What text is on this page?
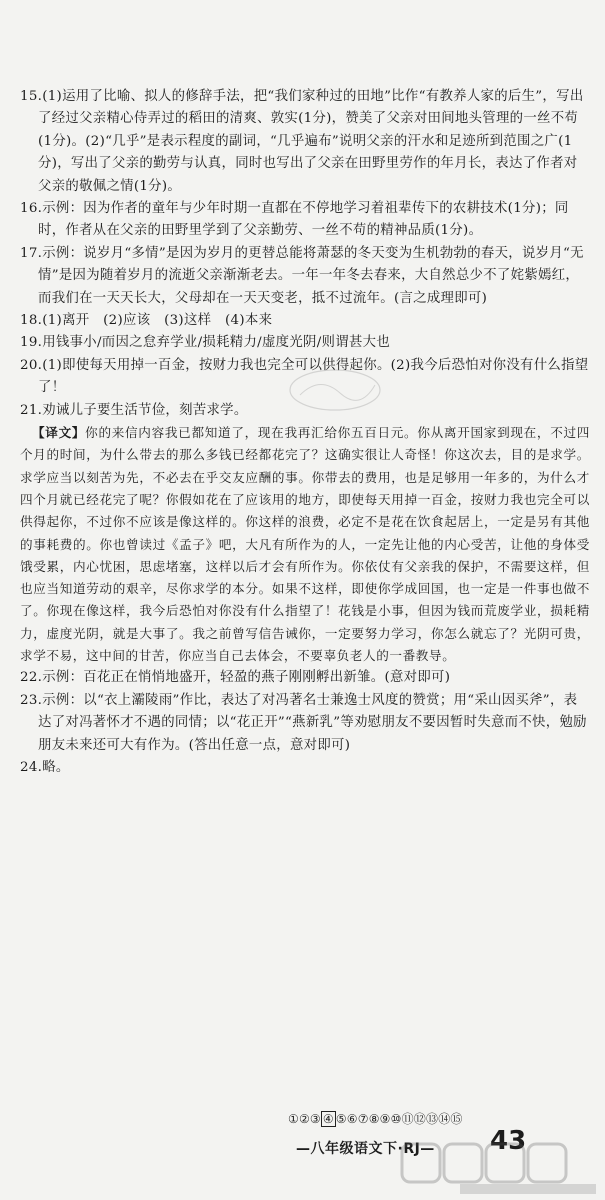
15.(1)运用了比喻、拟人的修辞手法，把“我们家种过的田地”比作“有教养人家的后生”，写出了经过父亲精心侍弄过的稻田的清爽、敦实(1分)，赞美了父亲对田间地头管理的一丝不苟(1分)。(2)“几乎”是表示程度的副词，“几乎遍布”说明父亲的汗水和足迹所到范围之广(1分)，写出了父亲的勤劳与认真，同时也写出了父亲在田野里劳作的年月长，表达了作者对父亲的敬佩之情(1分)。

16.示例：因为作者的童年与少年时期一直都在不停地学习着祖辈传下的农耕技术(1分)；同时，作者从在父亲的田野里学到了父亲勤劳、一丝不苟的精神品质(1分)。

17.示例：说岁月“多情”是因为岁月的更替总能将萧瑟的冬天变为生机勃勃的春天，说岁月“无情”是因为随着岁月的流逝父亲渐渐老去。一年一年冬去春来，大自然总少不了姹紫嫣红，而我们在一天天长大，父母却在一天天变老，抵不过流年。(言之成理即可)

18.(1)离开　(2)应该　(3)这样　(4)本来

19.用钱事小/而因之怠弃学业/损耗精力/虚度光阴/则谓甚大也

20.(1)即使每天用掉一百金，按财力我也完全可以供得起你。(2)我今后恐怕对你没有什么指望了！

21.劝诫儿子要生活节俭，刻苦求学。

【译文】你的来信内容我已都知道了，现在我再汇给你五百日元。你从离开国家到现在，不过四个月的时间，为什么带去的那么多钱已经都花完了？这确实很让人奇怪！你这次去，目的是求学。求学应当以刻苦为先，不必去在乎交友应酬的事。你带去的费用，也是足够用一年多的，为什么才四个月就已经花完了呢？你假如花在了应该用的地方，即使每天用掉一百金，按财力我也完全可以供得起你，不过你不应该是像这样的。你这样的浪费，必定不是花在饮食起居上，一定是另有其他的事耗费的。你也曾读过《孟子》吧，大凡有所作为的人，一定先让他的内心受苦，让他的身体受饿受累，内心忧困，思虑堵塞，这样以后才会有所作为。你依仗有父亲我的保护，不需要这样，但也应当知道劳动的艰辛，尽你求学的本分。如果不这样，即使你学成回国，也一定是一件事也做不了。你现在像这样，我今后恐怕对你没有什么指望了！花钱是小事，但因为钱而荒废学业，损耗精力，虚度光阴，就是大事了。我之前曾写信告诫你，一定要努力学习，你怎么就忘了？光阴可贵，求学不易，这中间的甘苦，你应当自己去体会，不要辜负老人的一番教导。

22.示例：百花正在悄悄地盛开，轻盈的燕子刚刚孵出新雏。(意对即可)

23.示例：以“衣上灞陵雨”作比，表达了对冯著名士兼逸士风度的赞赏；用“采山因买斧”，表达了对冯著怀才不遇的同情；以“花正开”“燕新乳”等劝慰朋友不要因暂时失意而不快，勉励朋友未来还可大有作为。(答出任意一点，意对即可)

24.略。

①②③ ④ ⑤⑥⑦⑧⑨⑩⑪⑫⑬⑭⑮
—八年级语文下·RJ— 43
